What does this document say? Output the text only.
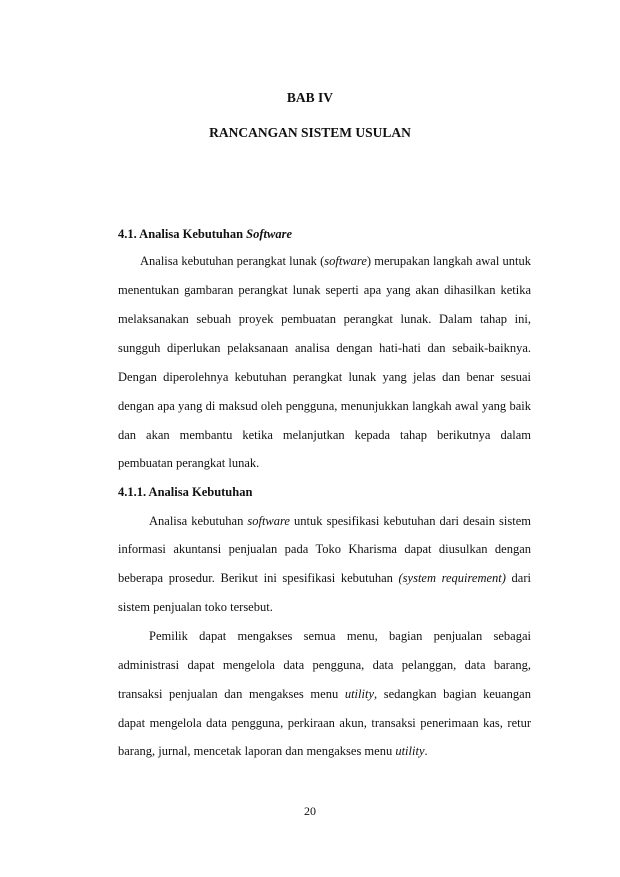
BAB IV
RANCANGAN SISTEM USULAN
4.1. Analisa Kebutuhan Software
Analisa kebutuhan perangkat lunak (software) merupakan langkah awal untuk
menentukan gambaran perangkat lunak seperti apa yang akan dihasilkan ketika
melaksanakan sebuah proyek pembuatan perangkat lunak. Dalam tahap ini,
sungguh diperlukan pelaksanaan analisa dengan hati-hati dan sebaik-baiknya.
Dengan diperolehnya kebutuhan perangkat lunak yang jelas dan benar sesuai
dengan apa yang di maksud oleh pengguna, menunjukkan langkah awal yang baik
dan akan membantu ketika melanjutkan kepada tahap berikutnya dalam
pembuatan perangkat lunak.
4.1.1. Analisa Kebutuhan
Analisa kebutuhan software untuk spesifikasi kebutuhan dari desain sistem
informasi akuntansi penjualan pada Toko Kharisma dapat diusulkan dengan
beberapa prosedur. Berikut ini spesifikasi kebutuhan (system requirement) dari
sistem penjualan toko tersebut.
Pemilik dapat mengakses semua menu, bagian penjualan sebagai
administrasi dapat mengelola data pengguna, data pelanggan, data barang,
transaksi penjualan dan mengakses menu utility, sedangkan bagian keuangan
dapat mengelola data pengguna, perkiraan akun, transaksi penerimaan kas, retur
barang, jurnal, mencetak laporan dan mengakses menu utility.
20
